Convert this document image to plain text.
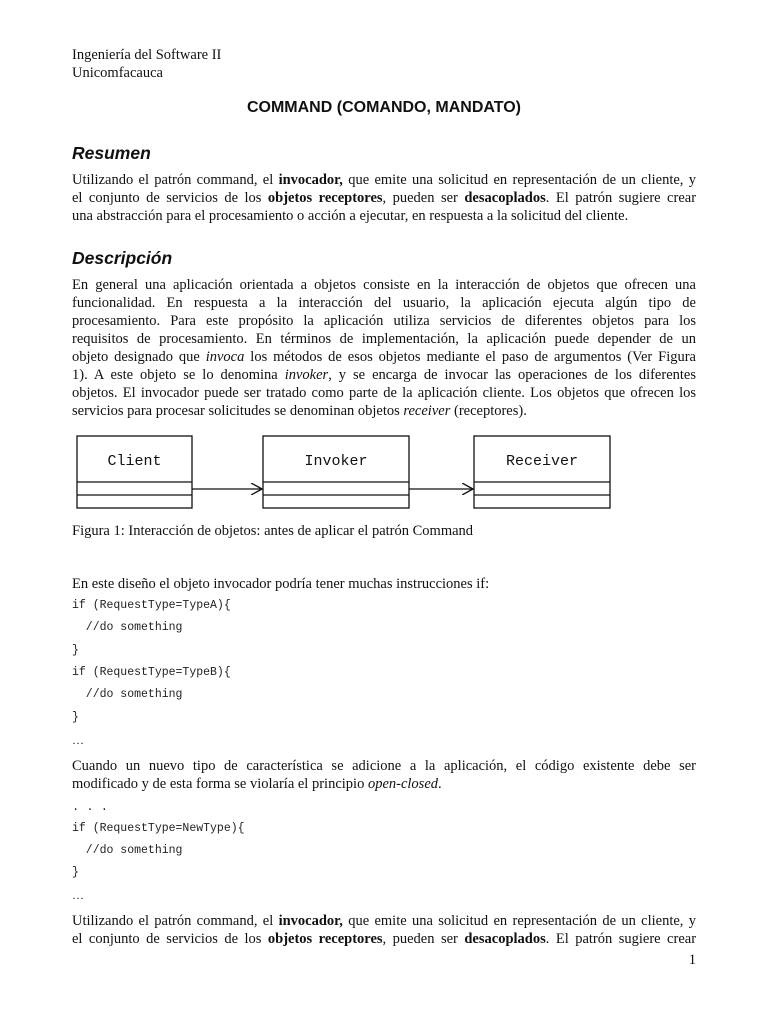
Ingeniería del Software II
Unicomfacauca
COMMAND (COMANDO, MANDATO)
Resumen
Utilizando el patrón command, el invocador, que emite una solicitud en representación de un cliente, y
el conjunto de servicios de los objetos receptores, pueden ser desacoplados. El patrón sugiere crear
una abstracción para el procesamiento o acción a ejecutar, en respuesta a la solicitud del cliente.
Descripción
En general una aplicación orientada a objetos consiste en la interacción de objetos que ofrecen una
funcionalidad. En respuesta a la interacción del usuario, la aplicación ejecuta algún tipo de
procesamiento. Para este propósito la aplicación utiliza servicios de diferentes objetos para los
requisitos de procesamiento. En términos de implementación, la aplicación puede depender de un
objeto designado que invoca los métodos de esos objetos mediante el paso de argumentos (Ver Figura
1). A este objeto se lo denomina invoker, y se encarga de invocar las operaciones de los diferentes
objetos. El invocador puede ser tratado como parte de la aplicación cliente. Los objetos que ofrecen los
servicios para procesar solicitudes se denominan objetos receiver (receptores).
Client	Invoker	Receiver
Figura 1: Interacción de objetos: antes de aplicar el patrón Command
En este diseño el objeto invocador podría tener muchas instrucciones if:
if (RequestType=TypeA){
//do something
}
if (RequestType=TypeB){
//do something
}
…
Cuando un nuevo tipo de característica se adicione a la aplicación, el código existente debe ser
modificado y de esta forma se violaría el principio open-closed.
. . .
if (RequestType=NewType){
//do something
}
…
Utilizando el patrón command, el invocador, que emite una solicitud en representación de un cliente, y
el conjunto de servicios de los objetos receptores, pueden ser desacoplados. El patrón sugiere crear
1
